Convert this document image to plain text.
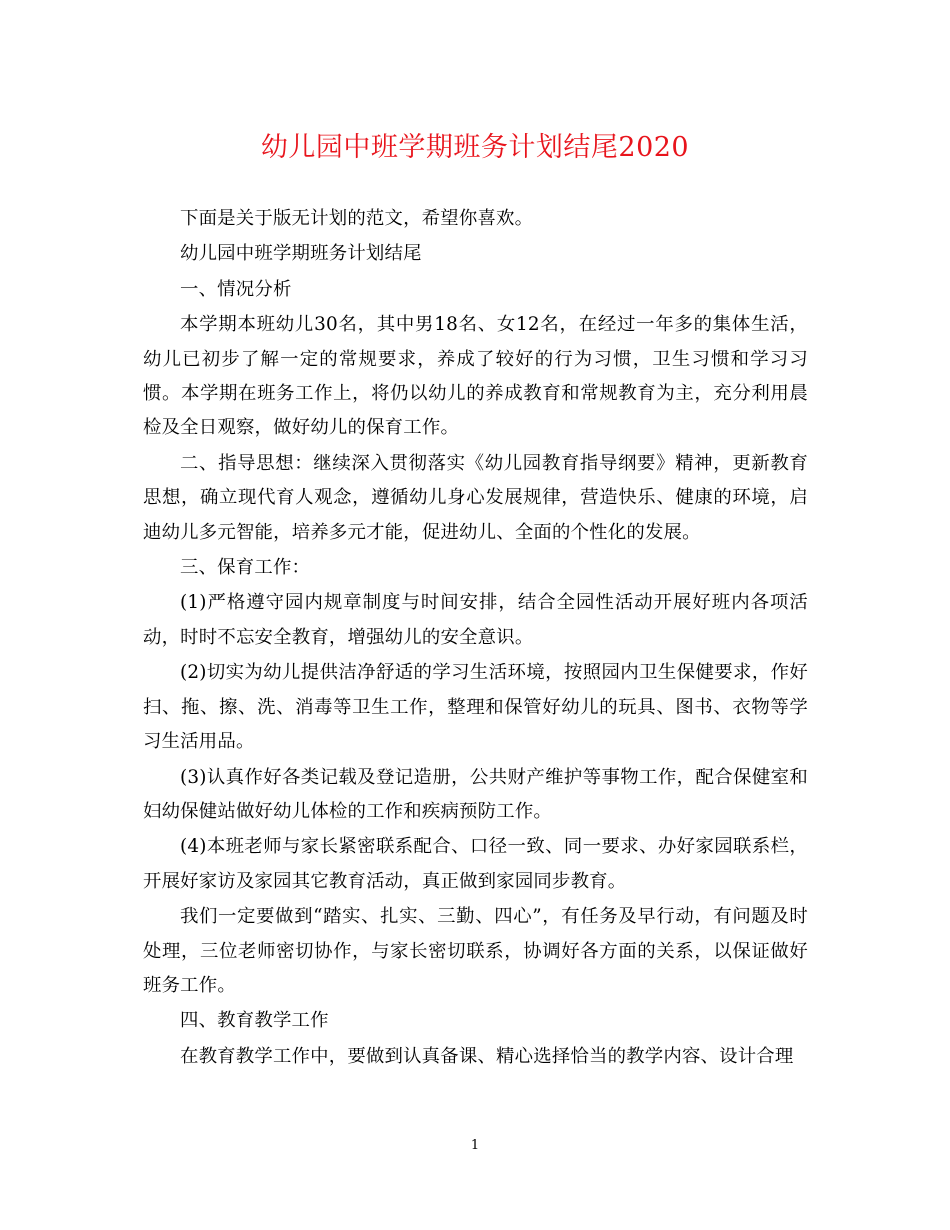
幼儿园中班学期班务计划结尾2020

下面是关于版无计划的范文，希望你喜欢。

幼儿园中班学期班务计划结尾

一、情况分析

本学期本班幼儿30名，其中男18名、女12名，在经过一年多的集体生活，幼儿已初步了解一定的常规要求，养成了较好的行为习惯，卫生习惯和学习习惯。本学期在班务工作上，将仍以幼儿的养成教育和常规教育为主，充分利用晨检及全日观察，做好幼儿的保育工作。

二、指导思想：继续深入贯彻落实《幼儿园教育指导纲要》精神，更新教育思想，确立现代育人观念，遵循幼儿身心发展规律，营造快乐、健康的环境，启迪幼儿多元智能，培养多元才能，促进幼儿、全面的个性化的发展。

三、保育工作：

(1)严格遵守园内规章制度与时间安排，结合全园性活动开展好班内各项活动，时时不忘安全教育，增强幼儿的安全意识。

(2)切实为幼儿提供洁净舒适的学习生活环境，按照园内卫生保健要求，作好扫、拖、擦、洗、消毒等卫生工作，整理和保管好幼儿的玩具、图书、衣物等学习生活用品。

(3)认真作好各类记载及登记造册，公共财产维护等事物工作，配合保健室和妇幼保健站做好幼儿体检的工作和疾病预防工作。

(4)本班老师与家长紧密联系配合、口径一致、同一要求、办好家园联系栏，开展好家访及家园其它教育活动，真正做到家园同步教育。

我们一定要做到“踏实、扎实、三勤、四心”，有任务及早行动，有问题及时处理，三位老师密切协作，与家长密切联系，协调好各方面的关系，以保证做好班务工作。

四、教育教学工作

在教育教学工作中，要做到认真备课、精心选择恰当的教学内容、设计合理

1
